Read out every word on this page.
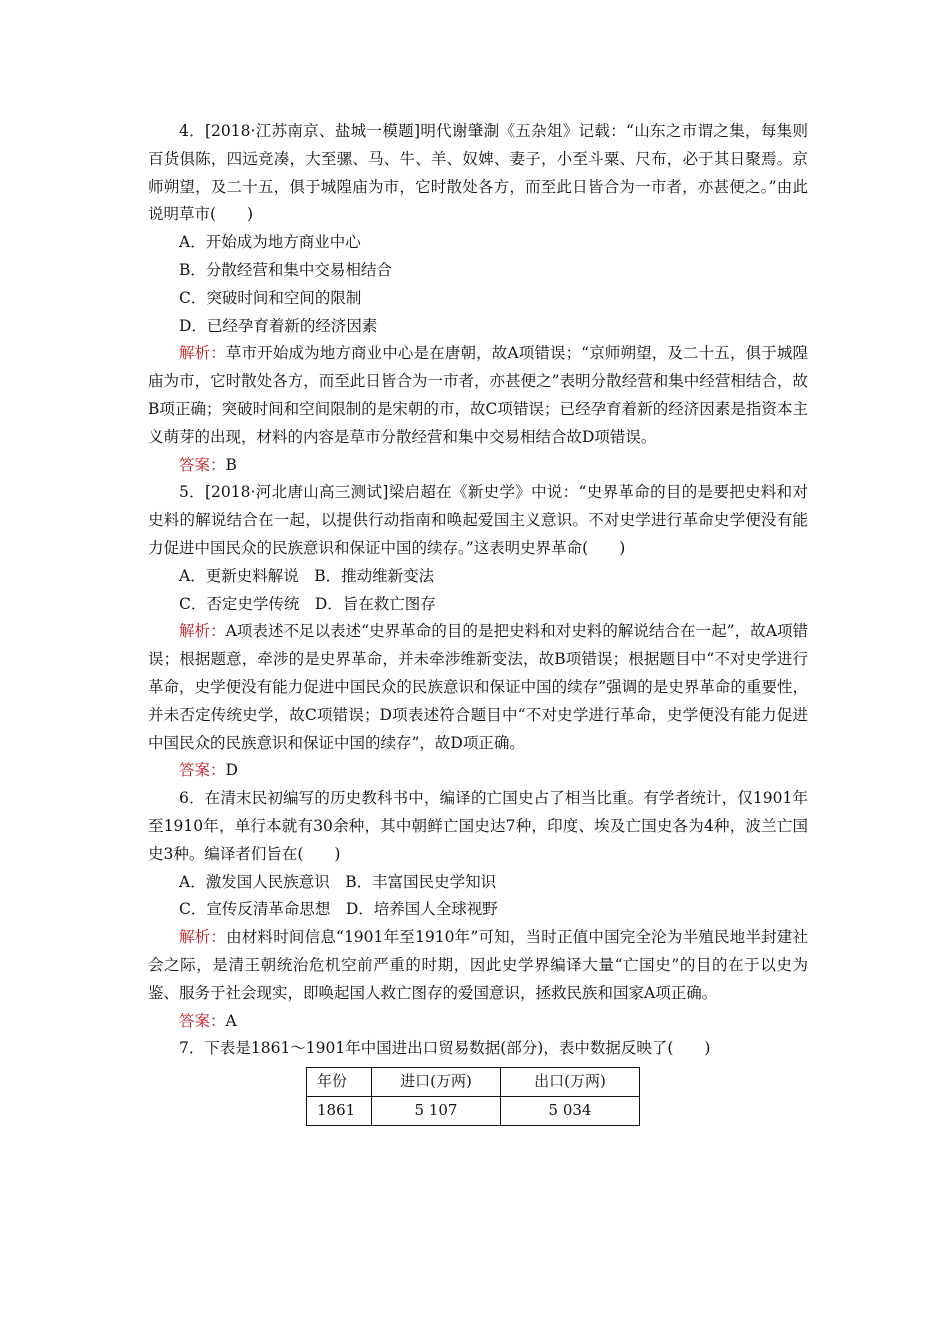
4．[2018·江苏南京、盐城一模题]明代谢肇淛《五杂俎》记载：“山东之市谓之集，每集则百货俱陈，四远竞凑，大至骡、马、牛、羊、奴婢、妻子，小至斗粟、尺布，必于其日聚焉。京师朔望，及二十五，俱于城隍庙为市，它时散处各方，而至此日皆合为一市者，亦甚便之。”由此说明草市(　　)

A．开始成为地方商业中心

B．分散经营和集中交易相结合

C．突破时间和空间的限制

D．已经孕育着新的经济因素

解析：草市开始成为地方商业中心是在唐朝，故A项错误；“京师朔望，及二十五，俱于城隍庙为市，它时散处各方，而至此日皆合为一市者，亦甚便之”表明分散经营和集中经营相结合，故B项正确；突破时间和空间限制的是宋朝的市，故C项错误；已经孕育着新的经济因素是指资本主义萌芽的出现，材料的内容是草市分散经营和集中交易相结合故D项错误。

答案：B

5．[2018·河北唐山高三测试]梁启超在《新史学》中说：“史界革命的目的是要把史料和对史料的解说结合在一起，以提供行动指南和唤起爱国主义意识。不对史学进行革命史学便没有能力促进中国民众的民族意识和保证中国的续存。”这表明史界革命(　　)

A．更新史料解说　B．推动维新变法

C．否定史学传统　D．旨在救亡图存

解析：A项表述不足以表述“史界革命的目的是把史料和对史料的解说结合在一起”，故A项错误；根据题意，牵涉的是史界革命，并未牵涉维新变法，故B项错误；根据题目中“不对史学进行革命，史学便没有能力促进中国民众的民族意识和保证中国的续存”强调的是史界革命的重要性，并未否定传统史学，故C项错误；D项表述符合题目中“不对史学进行革命，史学便没有能力促进中国民众的民族意识和保证中国的续存”，故D项正确。

答案：D

6．在清末民初编写的历史教科书中，编译的亡国史占了相当比重。有学者统计，仅1901年至1910年，单行本就有30余种，其中朝鲜亡国史达7种，印度、埃及亡国史各为4种，波兰亡国史3种。编译者们旨在(　　)

A．激发国人民族意识　B．丰富国民史学知识

C．宣传反清革命思想　D．培养国人全球视野

解析：由材料时间信息“1901年至1910年”可知，当时正值中国完全沦为半殖民地半封建社会之际，是清王朝统治危机空前严重的时期，因此史学界编译大量“亡国史”的目的在于以史为鉴、服务于社会现实，即唤起国人救亡图存的爱国意识，拯救民族和国家A项正确。

答案：A

7．下表是1861～1901年中国进出口贸易数据(部分)，表中数据反映了(　　)

年份	进口(万两)	出口(万两)
1861	5 107	5 034
